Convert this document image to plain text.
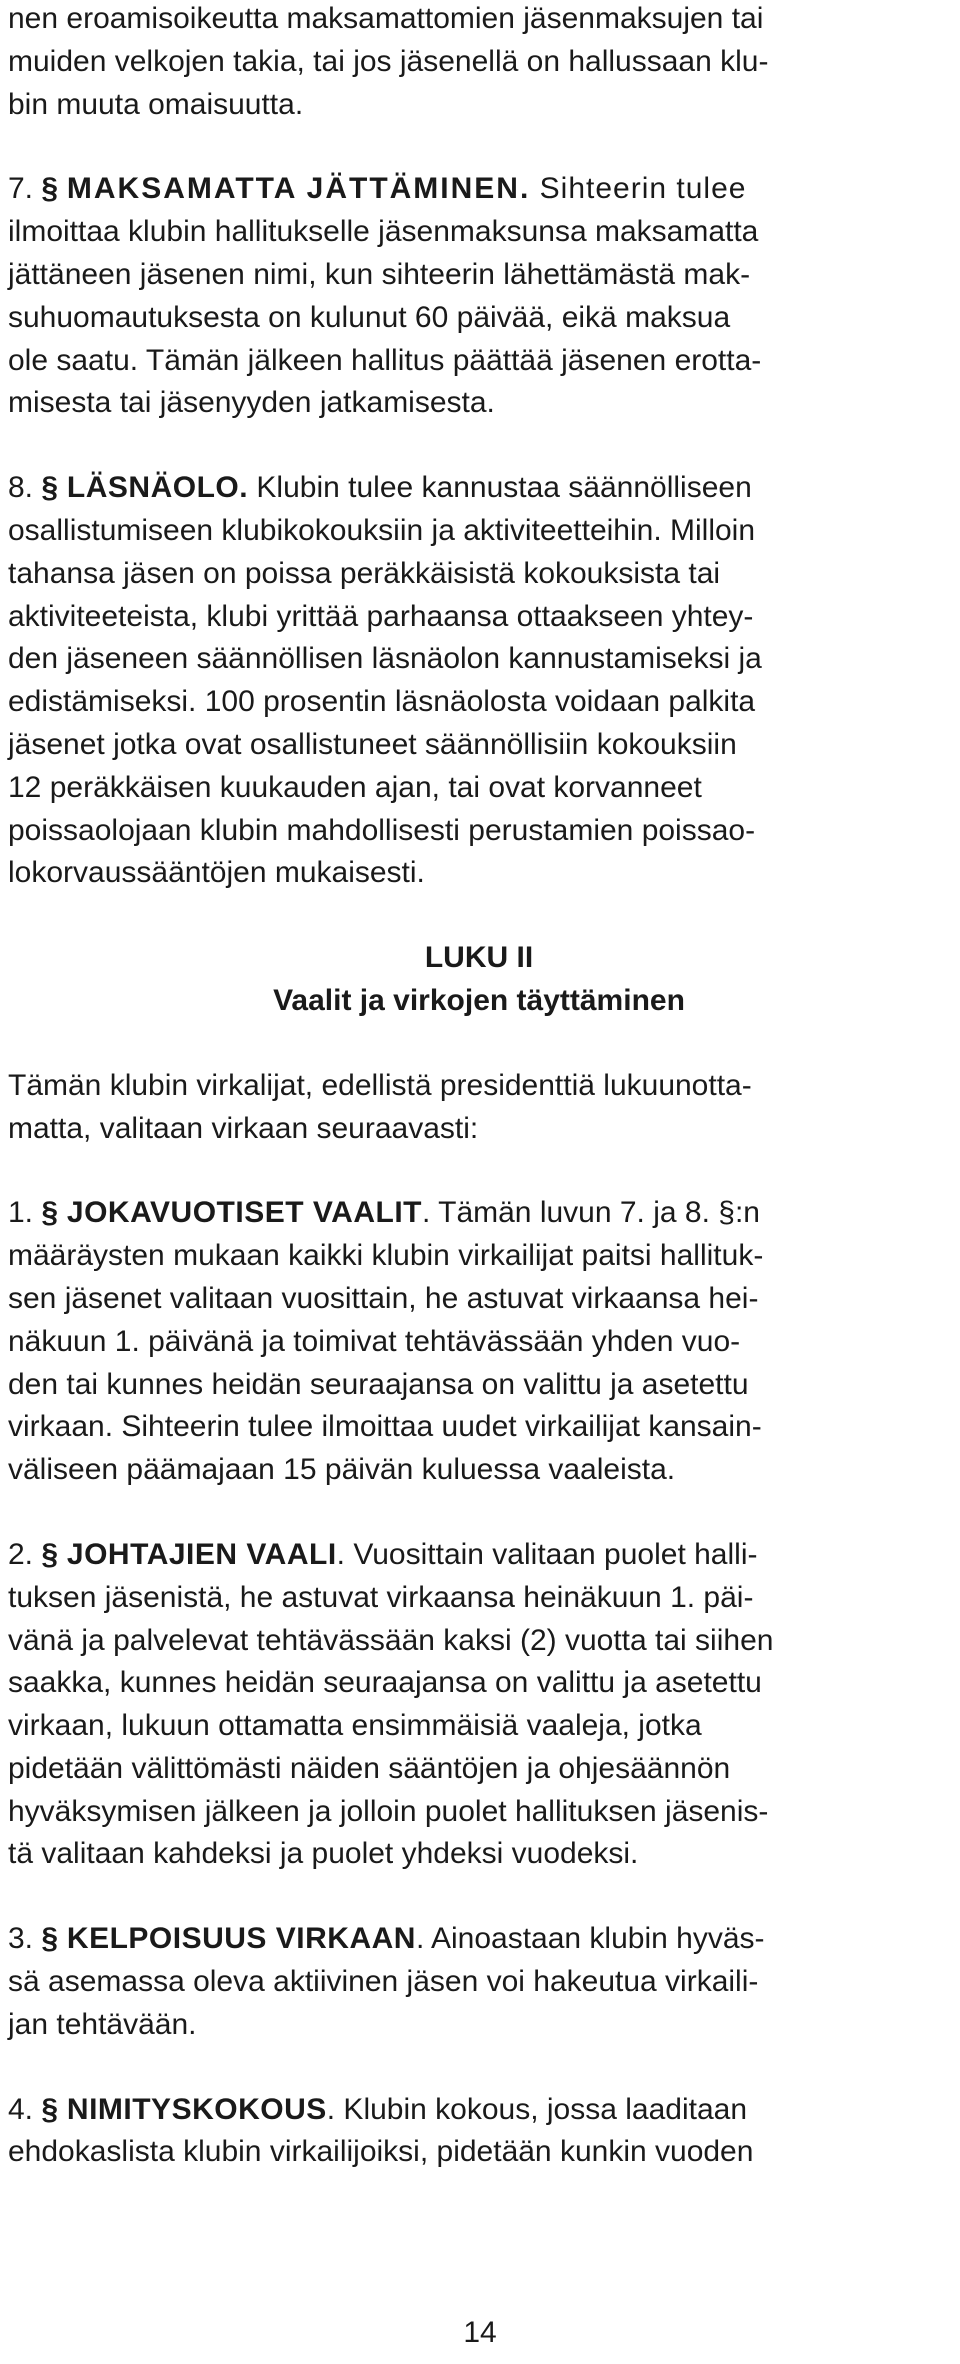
nen eroamisoikeutta maksamattomien jäsenmaksujen tai
muiden velkojen takia, tai jos jäsenellä on hallussaan klu-
bin muuta omaisuutta.

7. § MAKSAMATTA JÄTTÄMINEN. Sihteerin tulee
ilmoittaa klubin hallitukselle jäsenmaksunsa maksamatta
jättäneen jäsenen nimi, kun sihteerin lähettämästä mak-
suhuomautuksesta on kulunut 60 päivää, eikä maksua
ole saatu. Tämän jälkeen hallitus päättää jäsenen erotta-
misesta tai jäsenyyden jatkamisesta.

8. § LÄSNÄOLO. Klubin tulee kannustaa säännölliseen
osallistumiseen klubikokouksiin ja aktiviteetteihin. Milloin
tahansa jäsen on poissa peräkkäisistä kokouksista tai
aktiviteeteista, klubi yrittää parhaansa ottaakseen yhtey-
den jäseneen säännöllisen läsnäolon kannustamiseksi ja
edistämiseksi. 100 prosentin läsnäolosta voidaan palkita
jäsenet jotka ovat osallistuneet säännöllisiin kokouksiin
12 peräkkäisen kuukauden ajan, tai ovat korvanneet
poissaolojaan klubin mahdollisesti perustamien poissao-
lokorvaussääntöjen mukaisesti.

LUKU II

Vaalit ja virkojen täyttäminen

Tämän klubin virkalijat, edellistä presidenttiä lukuunotta-
matta, valitaan virkaan seuraavasti:

1. § JOKAVUOTISET VAALIT. Tämän luvun 7. ja 8. §:n
määräysten mukaan kaikki klubin virkailijat paitsi hallituk-
sen jäsenet valitaan vuosittain, he astuvat virkaansa hei-
näkuun 1. päivänä ja toimivat tehtävässään yhden vuo-
den tai kunnes heidän seuraajansa on valittu ja asetettu
virkaan. Sihteerin tulee ilmoittaa uudet virkailijat kansain-
väliseen päämajaan 15 päivän kuluessa vaaleista.

2. § JOHTAJIEN VAALI. Vuosittain valitaan puolet halli-
tuksen jäsenistä, he astuvat virkaansa heinäkuun 1. päi-
vänä ja palvelevat tehtävässään kaksi (2) vuotta tai siihen
saakka, kunnes heidän seuraajansa on valittu ja asetettu
virkaan, lukuun ottamatta ensimmäisiä vaaleja, jotka
pidetään välittömästi näiden sääntöjen ja ohjesäännön
hyväksymisen jälkeen ja jolloin puolet hallituksen jäsenis-
tä valitaan kahdeksi ja puolet yhdeksi vuodeksi.

3. § KELPOISUUS VIRKAAN. Ainoastaan klubin hyväs-
sä asemassa oleva aktiivinen jäsen voi hakeutua virkaili-
jan tehtävään.

4. § NIMITYSKOKOUS. Klubin kokous, jossa laaditaan
ehdokaslista klubin virkailijoiksi, pidetään kunkin vuoden

14
